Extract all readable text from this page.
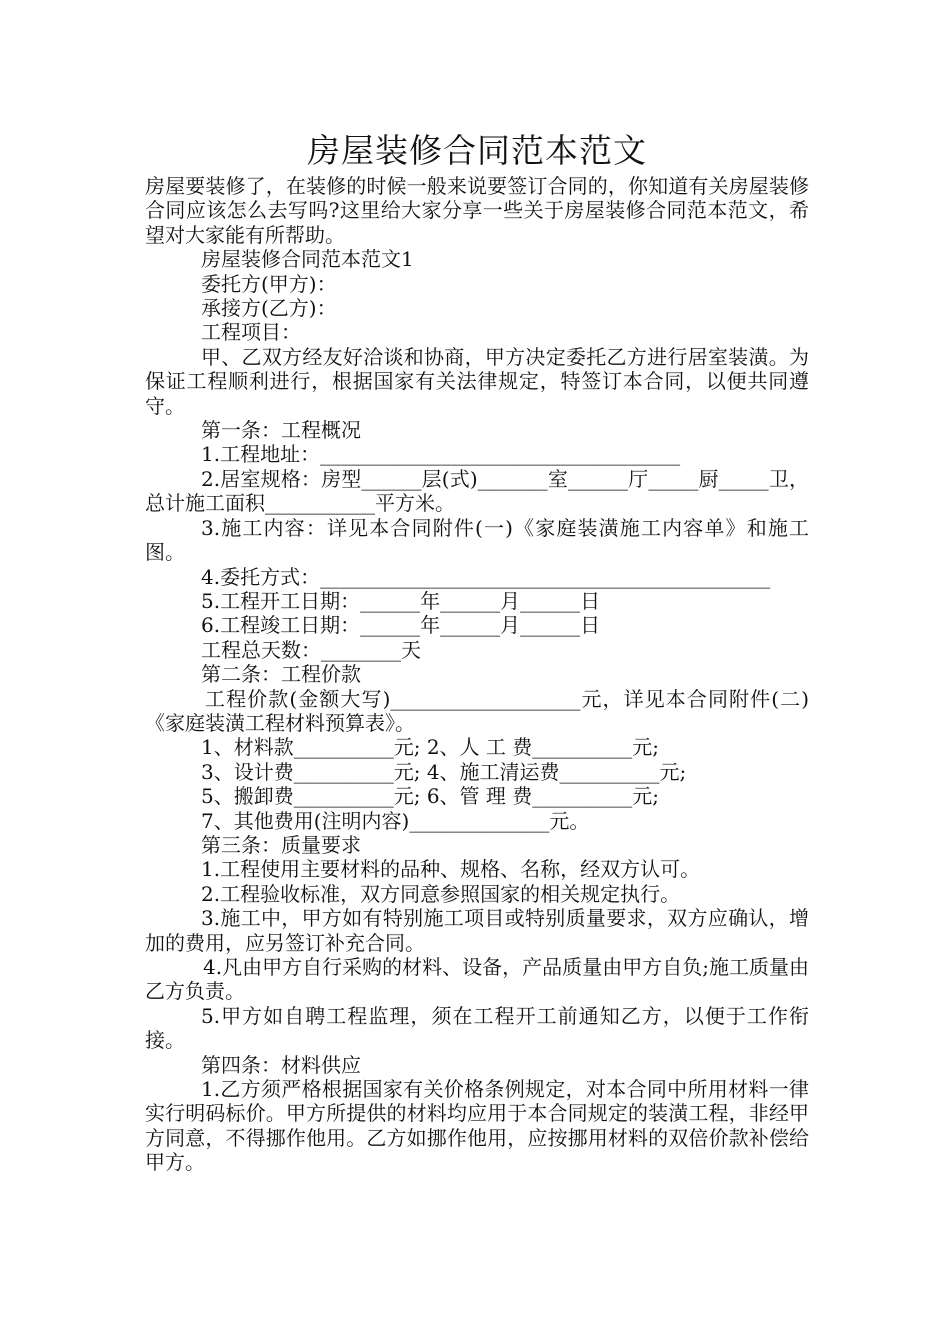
房屋装修合同范本范文

房屋要装修了，在装修的时候一般来说要签订合同的，你知道有关房屋装修合同应该怎么去写吗?这里给大家分享一些关于房屋装修合同范本范文，希望对大家能有所帮助。

房屋装修合同范本范文1

委托方(甲方)：

承接方(乙方)：

工程项目：

甲、乙双方经友好洽谈和协商，甲方决定委托乙方进行居室装潢。为保证工程顺利进行，根据国家有关法律规定，特签订本合同，以便共同遵守。

第一条：工程概况

1.工程地址：____________________________________

2.居室规格：房型______层(式)_______室______厅_____厨_____卫，总计施工面积___________平方米。

3.施工内容：详见本合同附件(一)《家庭装潢施工内容单》和施工图。

4.委托方式：_____________________________________________

5.工程开工日期：______年______月______日

6.工程竣工日期：______年______月______日

工程总天数：________天

第二条：工程价款

工程价款(金额大写)___________________元，详见本合同附件(二)《家庭装潢工程材料预算表》。

1、材料款__________元; 2、人 工 费__________元;

3、设计费__________元; 4、施工清运费__________元;

5、搬卸费__________元; 6、管 理 费__________元;

7、其他费用(注明内容)______________元。

第三条：质量要求

1.工程使用主要材料的品种、规格、名称，经双方认可。

2.工程验收标准，双方同意参照国家的相关规定执行。

3.施工中，甲方如有特别施工项目或特别质量要求，双方应确认，增加的费用，应另签订补充合同。

4.凡由甲方自行采购的材料、设备，产品质量由甲方自负;施工质量由乙方负责。

5.甲方如自聘工程监理，须在工程开工前通知乙方，以便于工作衔接。

第四条：材料供应

1.乙方须严格根据国家有关价格条例规定，对本合同中所用材料一律实行明码标价。甲方所提供的材料均应用于本合同规定的装潢工程，非经甲方同意，不得挪作他用。乙方如挪作他用，应按挪用材料的双倍价款补偿给甲方。
